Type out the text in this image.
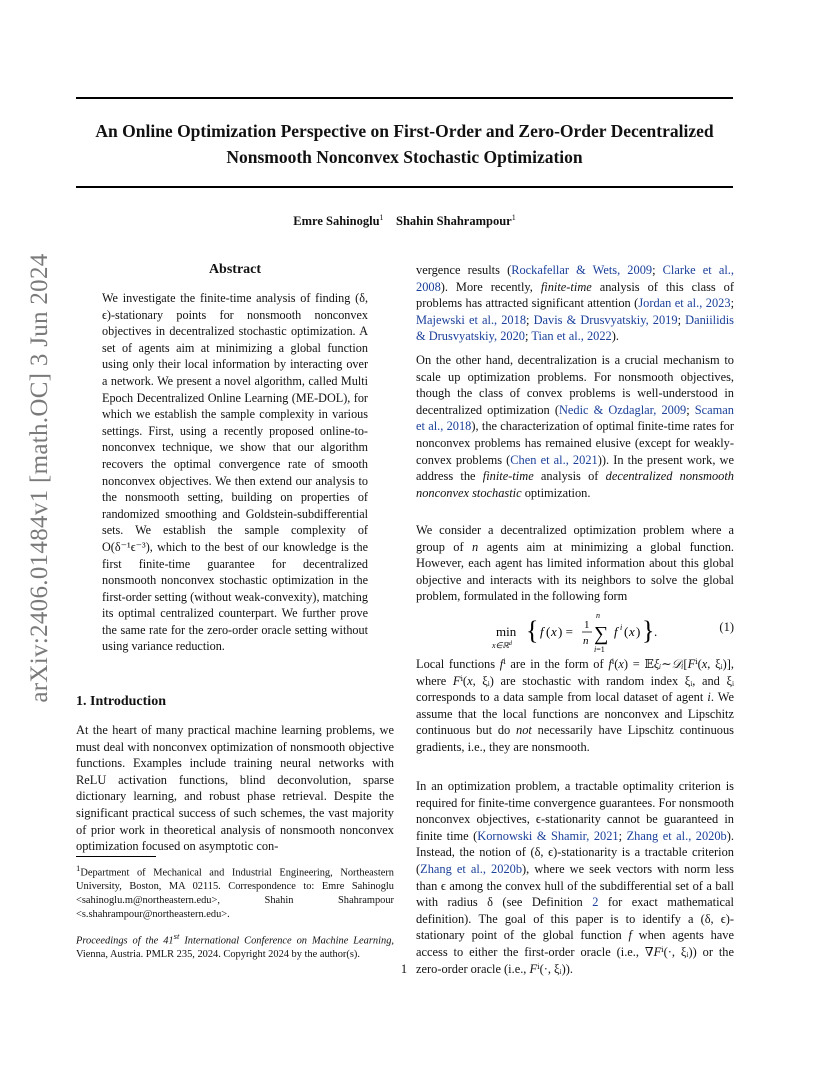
An Online Optimization Perspective on First-Order and Zero-Order Decentralized Nonsmooth Nonconvex Stochastic Optimization
Emre Sahinoglu$^1$ Shahin Shahrampour$^1$
arXiv:2406.01484v1 [math.OC] 3 Jun 2024	Abstract

We investigate the finite-time analysis of finding (δ, ϵ)-stationary points for nonsmooth nonconvex objectives in decentralized stochastic optimization. A set of agents aim at minimizing a global function using only their local information by interacting over a network. We present a novel algorithm, called Multi Epoch Decentralized Online Learning (ME-DOL), for which we establish the sample complexity in various settings. First, using a recently proposed online-to-nonconvex technique, we show that our algorithm recovers the optimal convergence rate of smooth nonconvex objectives. We then extend our analysis to the nonsmooth setting, building on properties of randomized smoothing and Goldstein-subdifferential sets. We establish the sample complexity of O(δ⁻¹ϵ⁻³), which to the best of our knowledge is the first finite-time guarantee for decentralized nonsmooth nonconvex stochastic optimization in the first-order setting (without weak-convexity), matching its optimal centralized counterpart. We further prove the same rate for the zero-order oracle setting without using variance reduction.

1. Introduction

At the heart of many practical machine learning problems, we must deal with nonconvex optimization of nonsmooth objective functions. Examples include training neural networks with ReLU activation functions, blind deconvolution, sparse dictionary learning, and robust phase retrieval. Despite the significant practical success of such schemes, the vast majority of prior work in theoretical analysis of nonsmooth nonconvex optimization focused on asymptotic con-

$^1$Department of Mechanical and Industrial Engineering, Northeastern University, Boston, MA 02115. Correspondence to: Emre Sahinoglu <sahinoglu.m@northeastern.edu>, Shahin Shahrampour <s.shahrampour@northeastern.edu>.

Proceedings of the 41st International Conference on Machine Learning, Vienna, Austria. PMLR 235, 2024. Copyright 2024 by the author(s).

vergence results (Rockafellar & Wets, 2009; Clarke et al., 2008). More recently, finite-time analysis of this class of problems has attracted significant attention (Jordan et al., 2023; Majewski et al., 2018; Davis & Drusvyatskiy, 2019; Daniilidis & Drusvyatskiy, 2020; Tian et al., 2022).

On the other hand, decentralization is a crucial mechanism to scale up optimization problems. For nonsmooth objectives, though the class of convex problems is well-understood in decentralized optimization (Nedic & Ozdaglar, 2009; Scaman et al., 2018), the characterization of optimal finite-time rates for nonconvex problems has remained elusive (except for weakly-convex problems (Chen et al., 2021)). In the present work, we address the finite-time analysis of decentralized nonsmooth nonconvex stochastic optimization.

We consider a decentralized optimization problem where a group of n agents aim at minimizing a global function. However, each agent has limited information about this global objective and interacts with its neighbors to solve the global problem, formulated in the following form

min
x∈ℝ$^d$ { f ( x ) = 1
n
n
∑
i=1
f i ( x ) } .	(1)

Local functions fⁱ are in the form of fⁱ(x) = 𝔼ξᵢ∼𝒟ᵢ[Fⁱ(x, ξᵢ)], where Fⁱ(x, ξᵢ) are stochastic with random index ξᵢ, and ξᵢ corresponds to a data sample from local dataset of agent i. We assume that the local functions are nonconvex and Lipschitz continuous but do not necessarily have Lipschitz continuous gradients, i.e., they are nonsmooth.

In an optimization problem, a tractable optimality criterion is required for finite-time convergence guarantees. For nonsmooth nonconvex objectives, ϵ-stationarity cannot be guaranteed in finite time (Kornowski & Shamir, 2021; Zhang et al., 2020b). Instead, the notion of (δ, ϵ)-stationarity is a tractable criterion (Zhang et al., 2020b), where we seek vectors with norm less than ϵ among the convex hull of the subdifferential set of a ball with radius δ (see Definition 2 for exact mathematical definition). The goal of this paper is to identify a (δ, ϵ)-stationary point of the global function f when agents have access to either the first-order oracle (i.e., ∇Fⁱ(·, ξᵢ)) or the zero-order oracle (i.e., Fⁱ(·, ξᵢ)).

1
